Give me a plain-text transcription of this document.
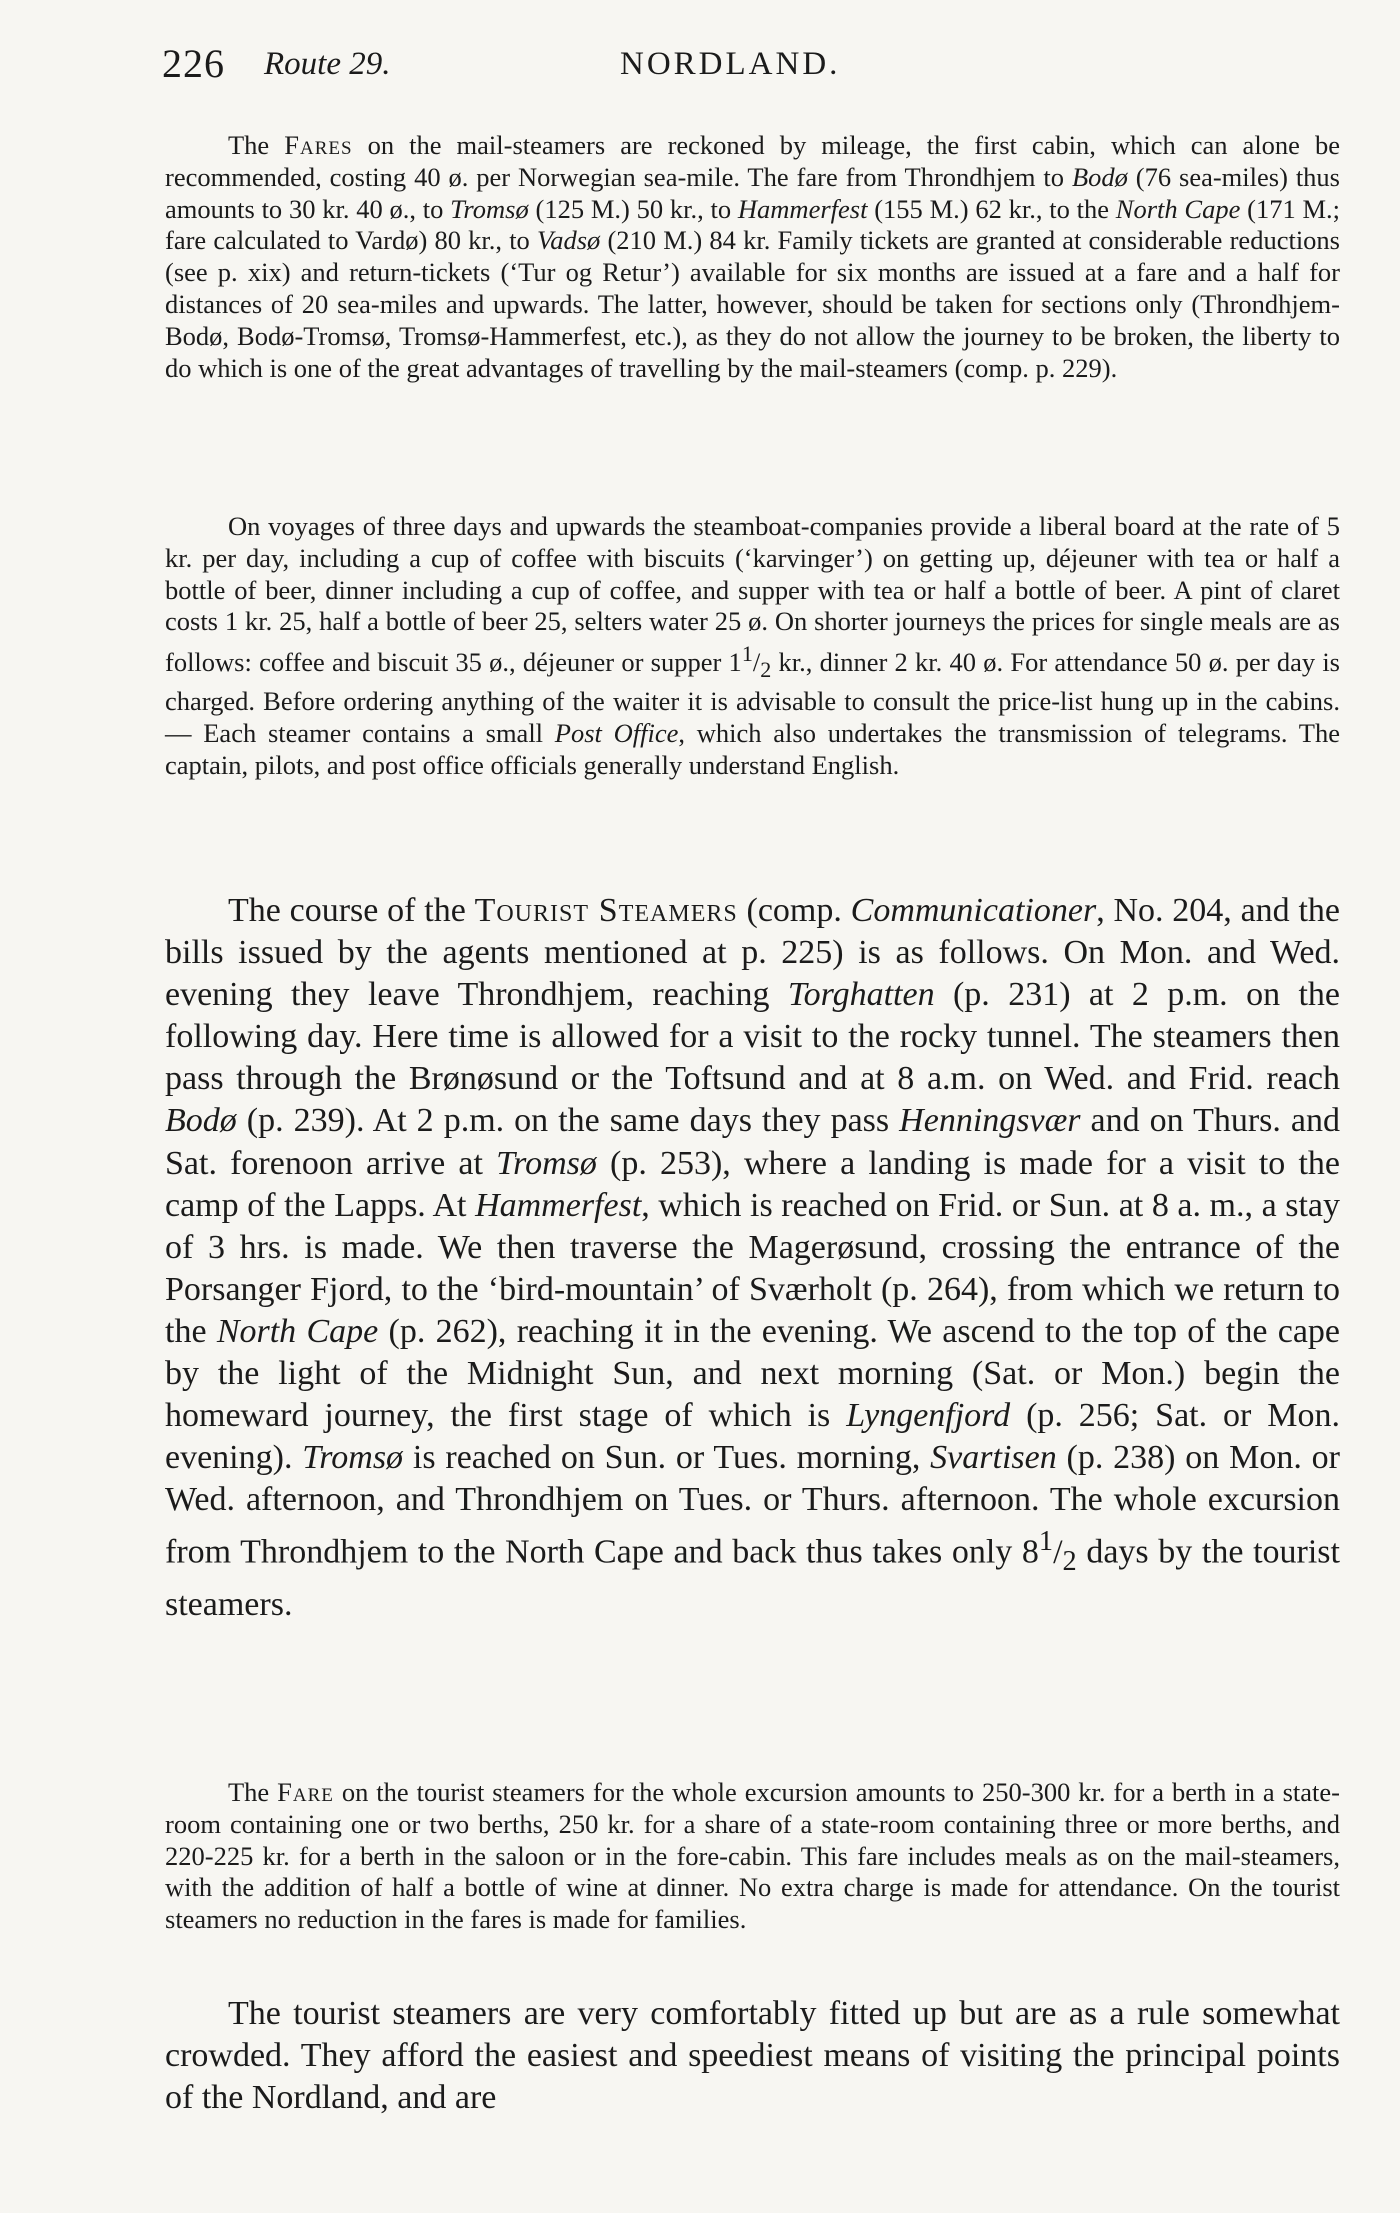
226 Route 29.	NORDLAND.

The Fares on the mail-steamers are reckoned by mileage, the first cabin, which can alone be recommended, costing 40 ø. per Norwegian sea-mile. The fare from Throndhjem to Bodø (76 sea-miles) thus amounts to 30 kr. 40 ø., to Tromsø (125 M.) 50 kr., to Hammerfest (155 M.) 62 kr., to the North Cape (171 M.; fare calculated to Vardø) 80 kr., to Vadsø (210 M.) 84 kr. Family tickets are granted at considerable reductions (see p. xix) and return-tickets (‘Tur og Retur’) available for six months are issued at a fare and a half for distances of 20 sea-miles and upwards. The latter, however, should be taken for sections only (Throndhjem-Bodø, Bodø-Tromsø, Tromsø-Hammerfest, etc.), as they do not allow the journey to be broken, the liberty to do which is one of the great advantages of travelling by the mail-steamers (comp. p. 229).

On voyages of three days and upwards the steamboat-companies provide a liberal board at the rate of 5 kr. per day, including a cup of coffee with biscuits (‘karvinger’) on getting up, déjeuner with tea or half a bottle of beer, dinner including a cup of coffee, and supper with tea or half a bottle of beer. A pint of claret costs 1 kr. 25, half a bottle of beer 25, selters water 25 ø. On shorter journeys the prices for single meals are as follows: coffee and biscuit 35 ø., déjeuner or supper $1^1/_2$ kr., dinner 2 kr. 40 ø. For attendance 50 ø. per day is charged. Before ordering anything of the waiter it is advisable to consult the price-list hung up in the cabins. — Each steamer contains a small Post Office, which also undertakes the transmission of telegrams. The captain, pilots, and post office officials generally understand English.

The course of the Tourist Steamers (comp. Communicationer, No. 204, and the bills issued by the agents mentioned at p. 225) is as follows. On Mon. and Wed. evening they leave Throndhjem, reaching Torghatten (p. 231) at 2 p.m. on the following day. Here time is allowed for a visit to the rocky tunnel. The steamers then pass through the Brønøsund or the Toftsund and at 8 a.m. on Wed. and Frid. reach Bodø (p. 239). At 2 p.m. on the same days they pass Henningsvær and on Thurs. and Sat. forenoon arrive at Tromsø (p. 253), where a landing is made for a visit to the camp of the Lapps. At Hammerfest, which is reached on Frid. or Sun. at 8 a. m., a stay of 3 hrs. is made. We then traverse the Magerøsund, crossing the entrance of the Porsanger Fjord, to the ‘bird-mountain’ of Sværholt (p. 264), from which we return to the North Cape (p. 262), reaching it in the evening. We ascend to the top of the cape by the light of the Midnight Sun, and next morning (Sat. or Mon.) begin the homeward journey, the first stage of which is Lyngenfjord (p. 256; Sat. or Mon. evening). Tromsø is reached on Sun. or Tues. morning, Svartisen (p. 238) on Mon. or Wed. afternoon, and Throndhjem on Tues. or Thurs. afternoon. The whole excursion from Throndhjem to the North Cape and back thus takes only $8^1/_2$ days by the tourist steamers.

The Fare on the tourist steamers for the whole excursion amounts to 250-300 kr. for a berth in a state-room containing one or two berths, 250 kr. for a share of a state-room containing three or more berths, and 220-225 kr. for a berth in the saloon or in the fore-cabin. This fare includes meals as on the mail-steamers, with the addition of half a bottle of wine at dinner. No extra charge is made for attendance. On the tourist steamers no reduction in the fares is made for families.

The tourist steamers are very comfortably fitted up but are as a rule somewhat crowded. They afford the easiest and speediest means of visiting the principal points of the Nordland, and are
